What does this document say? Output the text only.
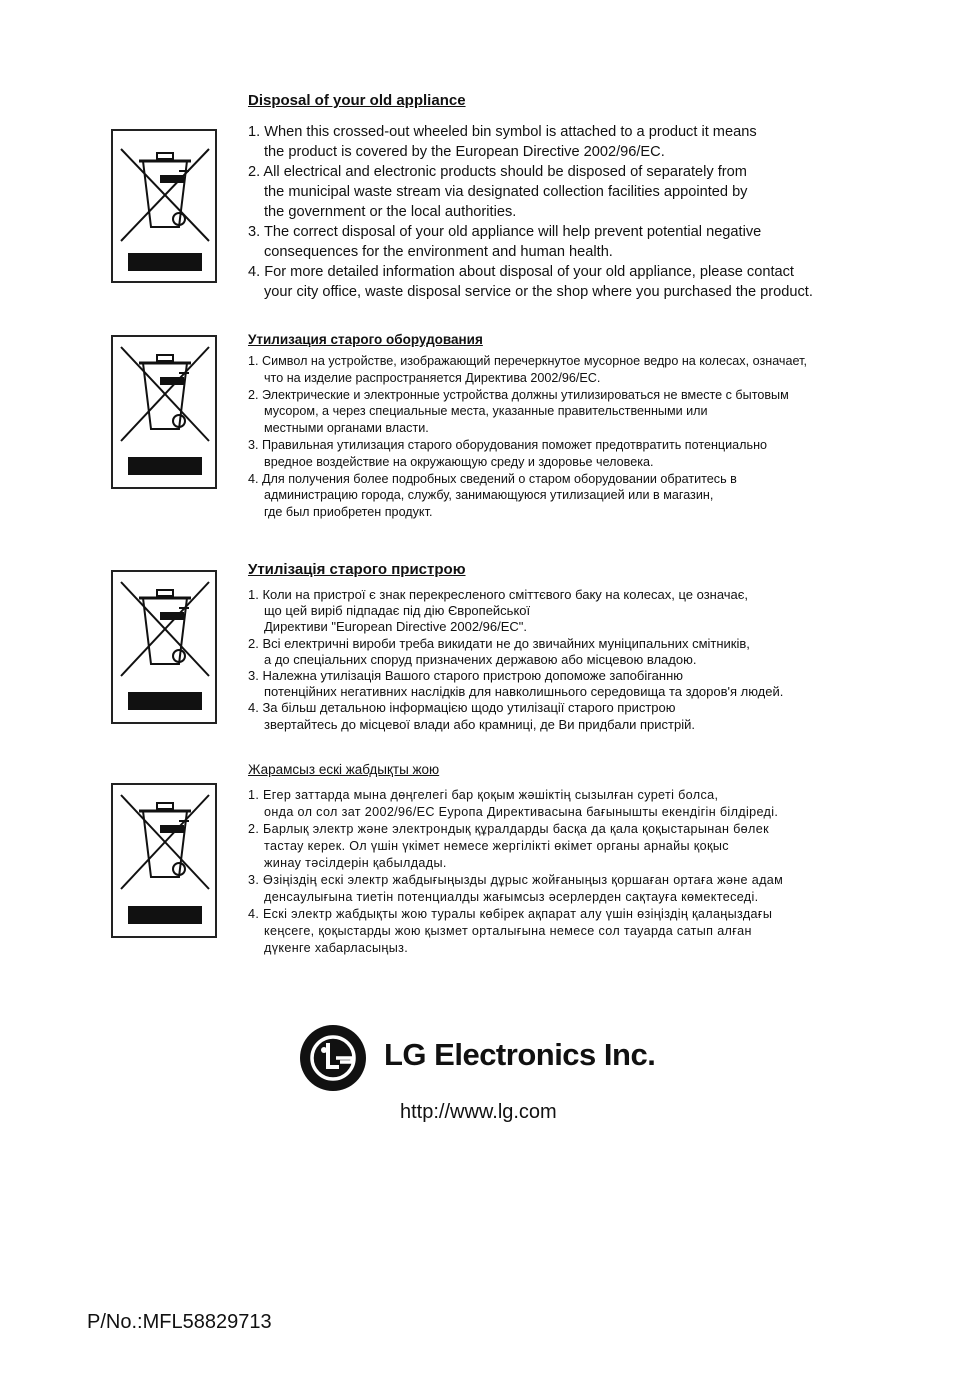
Disposal of your old appliance
1. When this crossed-out wheeled bin symbol is attached to a product it means
the product is covered by the European Directive 2002/96/EC.
2. All electrical and electronic products should be disposed of separately from
the municipal waste stream via designated collection facilities appointed by
the government or the local authorities.
3. The correct disposal of your old appliance will help prevent potential negative
consequences for the environment and human health.
4. For more detailed information about disposal of your old appliance, please contact
your city office, waste disposal service or the shop where you purchased the product.
Утилизация старого оборудования
1. Символ на устройстве, изображающий перечеркнутое мусорное ведро на колесах, означает,
что на изделие распространяется Директива 2002/96/EC.
2. Электрические и электронные устройства должны утилизироваться не вместе с бытовым
мусором, а через специальные места, указанные правительственными или
местными органами власти.
3. Правильная утилизация старого оборудования поможет предотвратить потенциально
вредное воздействие на окружающую среду и здоровье человека.
4. Для получения более подробных сведений о старом оборудовании обратитесь в
администрацию города, службу, занимающуюся утилизацией или в магазин,
где был приобретен продукт.
Утилізація старого пристрою
1. Коли на пристрої є знак перекресленого сміттєвого баку на колесах, це означає,
що цей виріб підпадає під дію Європейської
Директиви "European Directive 2002/96/EC".
2. Всі електричні вироби треба викидати не до звичайних муніципальних смітників,
а до спеціальних споруд призначених державою або місцевою владою.
3. Належна утилізація Вашого старого пристрою допоможе запобіганню
потенційних негативних наслідків для навколишнього середовища та здоров'я людей.
4. За більш детальною інформацією щодо утилізації старого пристрою
звертайтесь до місцевої влади або крамниці, де Ви придбали пристрій.
Жарамсыз ескі жабдықты жою
1. Егер заттарда мына дөңгелегі бар қоқым жәшіктің сызылған суреті болса,
онда ол сол зат 2002/96/ЕС Еуропа Директивасына бағынышты екендігін білдіреді.
2. Барлық электр және электрондық құралдарды басқа да қала қоқыстарынан бөлек
тастау керек. Ол үшін үкімет немесе жергілікті өкімет органы арнайы қоқыс
жинау тәсілдерін қабылдады.
3. Өзіңіздің ескі электр жабдығыңызды дұрыс жойғаныңыз қоршаған ортаға және адам
денсаулығына тиетін потенциалды жағымсыз әсерлерден сақтауға көмектеседі.
4. Ескі электр жабдықты жою туралы көбірек ақпарат алу үшін өзіңіздің қалаңыздағы
кеңсеге, қоқыстарды жою қызмет орталығына немесе сол тауарда сатып алған
дүкенге хабарласыңыз.
LG Electronics Inc.
http://www.lg.com
P/No.:MFL58829713
